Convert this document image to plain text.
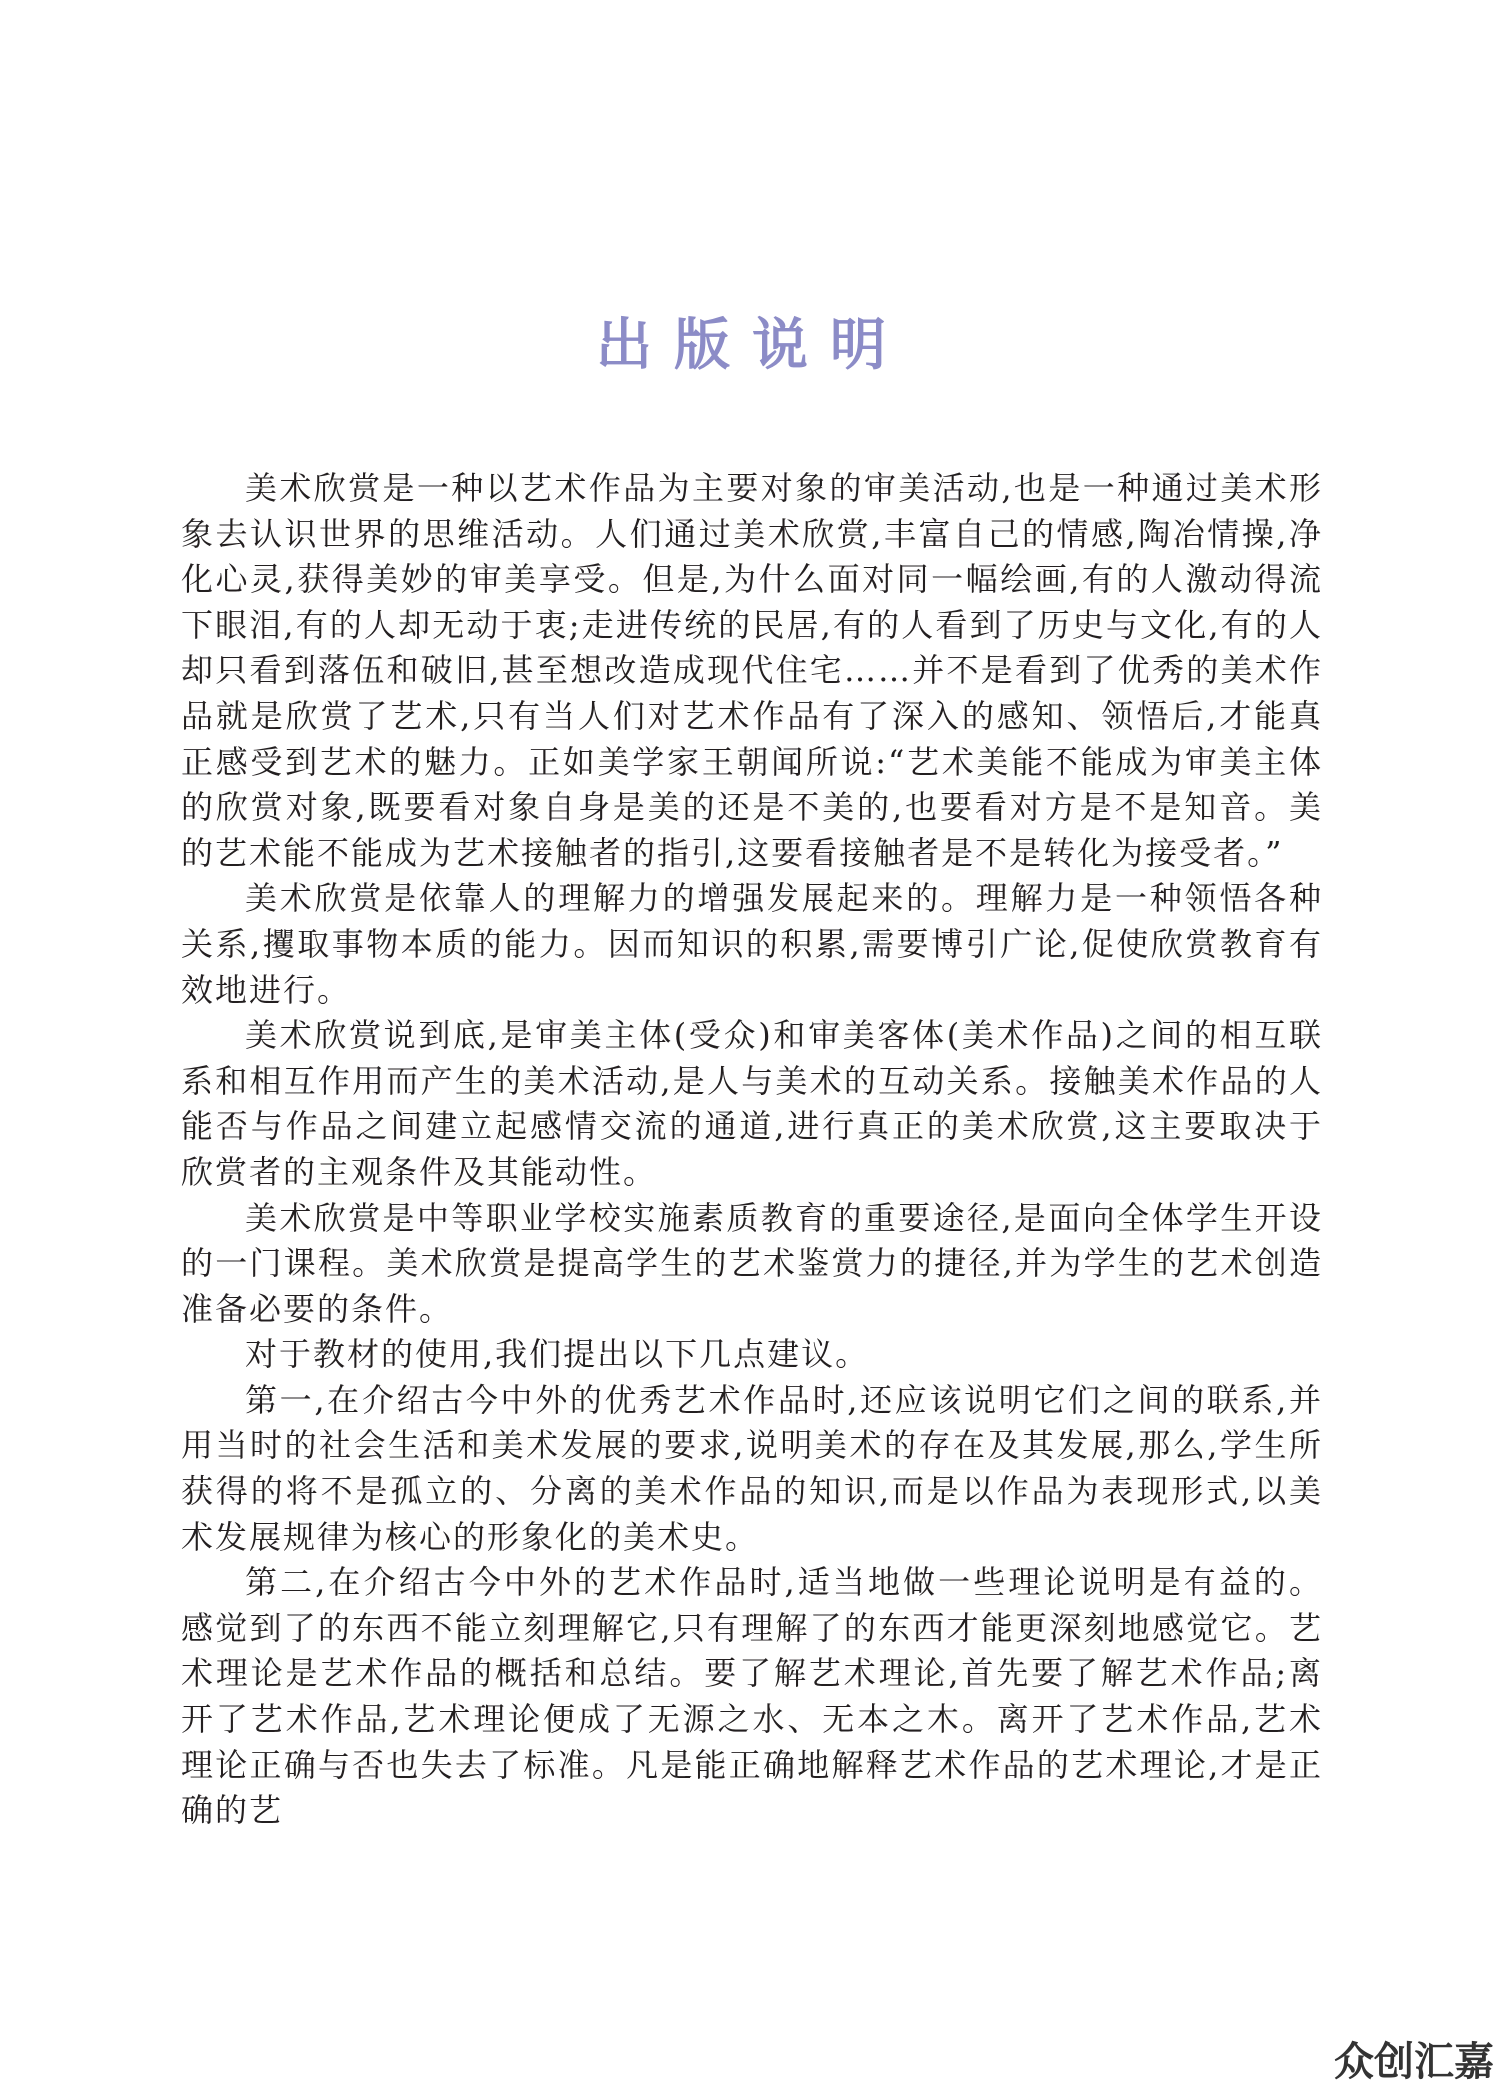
出版说明

美术欣赏是一种以艺术作品为主要对象的审美活动,也是一种通过美术形象去认识世界的思维活动。人们通过美术欣赏,丰富自己的情感,陶冶情操,净化心灵,获得美妙的审美享受。但是,为什么面对同一幅绘画,有的人激动得流下眼泪,有的人却无动于衷;走进传统的民居,有的人看到了历史与文化,有的人却只看到落伍和破旧,甚至想改造成现代住宅……并不是看到了优秀的美术作品就是欣赏了艺术,只有当人们对艺术作品有了深入的感知、领悟后,才能真正感受到艺术的魅力。正如美学家王朝闻所说:“艺术美能不能成为审美主体的欣赏对象,既要看对象自身是美的还是不美的,也要看对方是不是知音。美的艺术能不能成为艺术接触者的指引,这要看接触者是不是转化为接受者。”

美术欣赏是依靠人的理解力的增强发展起来的。理解力是一种领悟各种关系,攫取事物本质的能力。因而知识的积累,需要博引广论,促使欣赏教育有效地进行。

美术欣赏说到底,是审美主体(受众)和审美客体(美术作品)之间的相互联系和相互作用而产生的美术活动,是人与美术的互动关系。接触美术作品的人能否与作品之间建立起感情交流的通道,进行真正的美术欣赏,这主要取决于欣赏者的主观条件及其能动性。

美术欣赏是中等职业学校实施素质教育的重要途径,是面向全体学生开设的一门课程。美术欣赏是提高学生的艺术鉴赏力的捷径,并为学生的艺术创造准备必要的条件。

对于教材的使用,我们提出以下几点建议。

第一,在介绍古今中外的优秀艺术作品时,还应该说明它们之间的联系,并用当时的社会生活和美术发展的要求,说明美术的存在及其发展,那么,学生所获得的将不是孤立的、分离的美术作品的知识,而是以作品为表现形式,以美术发展规律为核心的形象化的美术史。

第二,在介绍古今中外的艺术作品时,适当地做一些理论说明是有益的。感觉到了的东西不能立刻理解它,只有理解了的东西才能更深刻地感觉它。艺术理论是艺术作品的概括和总结。要了解艺术理论,首先要了解艺术作品;离开了艺术作品,艺术理论便成了无源之水、无本之木。离开了艺术作品,艺术理论正确与否也失去了标准。凡是能正确地解释艺术作品的艺术理论,才是正确的艺

众创汇嘉
